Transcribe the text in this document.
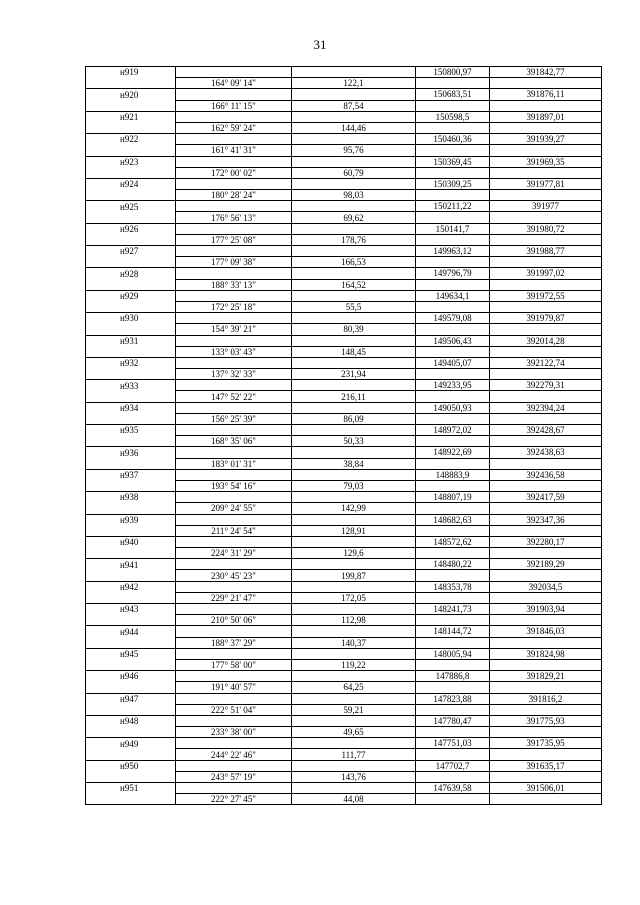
31
н919			150800,97	391842,77
	164° 09' 14"	122,1		
н920			150683,51	391876,11
	166° 11' 15"	87,54		
н921			150598,5	391897,01
	162° 59' 24"	144,46		
н922			150460,36	391939,27
	161° 41' 31"	95,76		
н923			150369,45	391969,35
	172° 00' 02"	60,79		
н924			150309,25	391977,81
	180° 28' 24"	98,03		
н925			150211,22	391977
	176° 56' 13"	69,62		
н926			150141,7	391980,72
	177° 25' 08"	178,76		
н927			149963,12	391988,77
	177° 09' 38"	166,53		
н928			149796,79	391997,02
	188° 33' 13"	164,52		
н929			149634,1	391972,55
	172° 25' 18"	55,5		
н930			149579,08	391979,87
	154° 39' 21"	80,39		
н931			149506,43	392014,28
	133° 03' 43"	148,45		
н932			149405,07	392122,74
	137° 32' 33"	231,94		
н933			149233,95	392279,31
	147° 52' 22"	216,11		
н934			149050,93	392394,24
	156° 25' 39"	86,09		
н935			148972,02	392428,67
	168° 35' 06"	50,33		
н936			148922,69	392438,63
	183° 01' 31"	38,84		
н937			148883,9	392436,58
	193° 54' 16"	79,03		
н938			148807,19	392417,59
	209° 24' 55"	142,99		
н939			148682,63	392347,36
	211° 24' 54"	128,91		
н940			148572,62	392280,17
	224° 31' 29"	129,6		
н941			148480,22	392189,29
	230° 45' 23"	199,87		
н942			148353,78	392034,5
	229° 21' 47"	172,05		
н943			148241,73	391903,94
	210° 50' 06"	112,98		
н944			148144,72	391846,03
	188° 37' 29"	140,37		
н945			148005,94	391824,98
	177° 58' 00"	119,22		
н946			147886,8	391829,21
	191° 40' 57"	64,25		
н947			147823,88	391816,2
	222° 51' 04"	59,21		
н948			147780,47	391775,93
	233° 38' 00"	49,65		
н949			147751,03	391735,95
	244° 22' 46"	111,77		
н950			147702,7	391635,17
	243° 57' 19"	143,76		
н951			147639,58	391506,01
	222° 27' 45"	44,08		
